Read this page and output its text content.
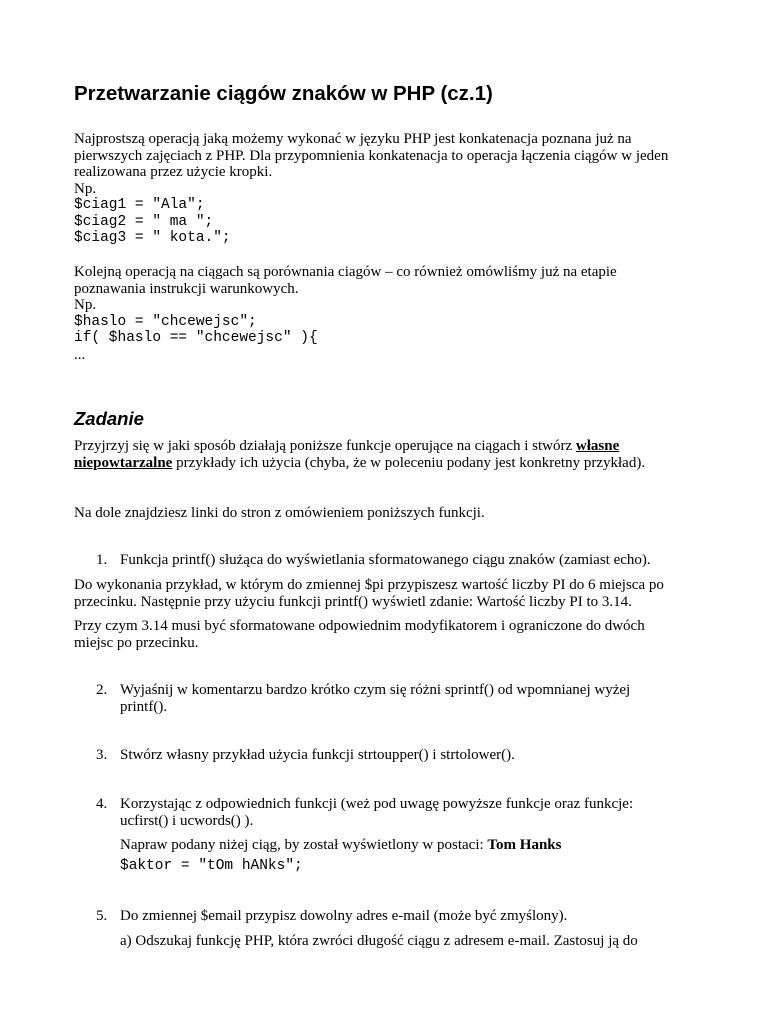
Przetwarzanie ciągów znaków w PHP (cz.1)
Najprostszą operacją jaką możemy wykonać w języku PHP jest konkatenacja poznana już na
pierwszych zajęciach z PHP. Dla przypomnienia konkatenacja to operacja łączenia ciągów w jeden
realizowana przez użycie kropki.
Np.
$ciag1 = "Ala";
$ciag2 = " ma ";
$ciag3 = " kota.";
Kolejną operacją na ciągach są porównania ciagów – co również omówliśmy już na etapie
poznawania instrukcji warunkowych.
Np.
$haslo = "chcewejsc";
if( $haslo == "chcewejsc" ){
...
Zadanie
Przyjrzyj się w jaki sposób działają poniższe funkcje operujące na ciągach i stwórz własne
niepowtarzalne przykłady ich użycia (chyba, że w poleceniu podany jest konkretny przykład).
Na dole znajdziesz linki do stron z omówieniem poniższych funkcji.
1. Funkcja printf() służąca do wyświetlania sformatowanego ciągu znaków (zamiast echo).
Do wykonania przykład, w którym do zmiennej $pi przypiszesz wartość liczby PI do 6 miejsca po
przecinku. Następnie przy użyciu funkcji printf() wyświetl zdanie: Wartość liczby PI to 3.14.
Przy czym 3.14 musi być sformatowane odpowiednim modyfikatorem i ograniczone do dwóch
miejsc po przecinku.
2. Wyjaśnij w komentarzu bardzo krótko czym się różni sprintf() od wpomnianej wyżej
printf().
3. Stwórz własny przykład użycia funkcji strtoupper() i strtolower().
4. Korzystając z odpowiednich funkcji (weż pod uwagę powyższe funkcje oraz funkcje:
ucfirst() i ucwords() ).
Napraw podany niżej ciąg, by został wyświetlony w postaci: Tom Hanks
$aktor = "tOm hANks";
5. Do zmiennej $email przypisz dowolny adres e-mail (może być zmyślony).
a) Odszukaj funkcję PHP, która zwróci długość ciągu z adresem e-mail. Zastosuj ją do
